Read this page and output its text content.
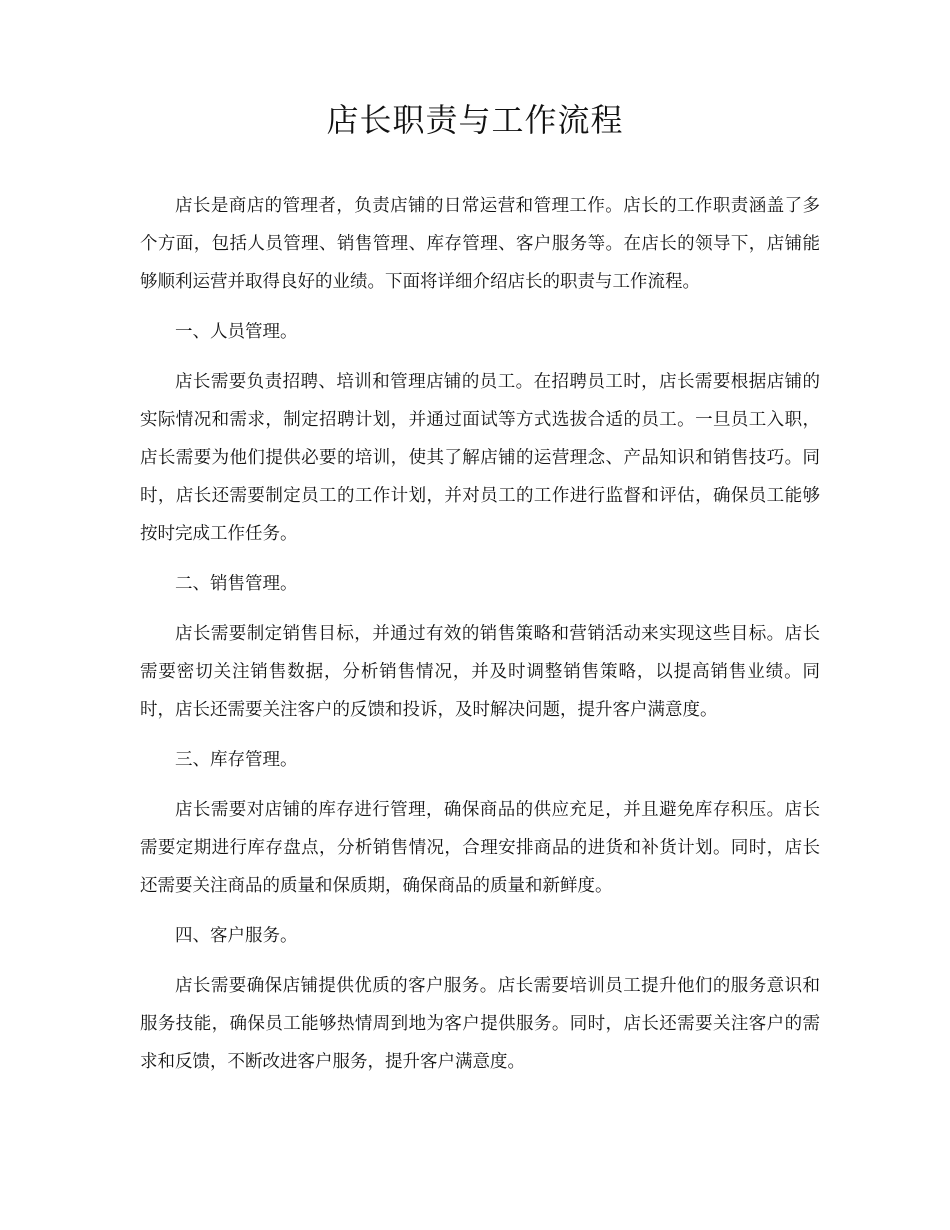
店长职责与工作流程

店长是商店的管理者，负责店铺的日常运营和管理工作。店长的工作职责涵盖了多个方面，包括人员管理、销售管理、库存管理、客户服务等。在店长的领导下，店铺能够顺利运营并取得良好的业绩。下面将详细介绍店长的职责与工作流程。

一、人员管理。

店长需要负责招聘、培训和管理店铺的员工。在招聘员工时，店长需要根据店铺的实际情况和需求，制定招聘计划，并通过面试等方式选拔合适的员工。一旦员工入职，店长需要为他们提供必要的培训，使其了解店铺的运营理念、产品知识和销售技巧。同时，店长还需要制定员工的工作计划，并对员工的工作进行监督和评估，确保员工能够按时完成工作任务。

二、销售管理。

店长需要制定销售目标，并通过有效的销售策略和营销活动来实现这些目标。店长需要密切关注销售数据，分析销售情况，并及时调整销售策略，以提高销售业绩。同时，店长还需要关注客户的反馈和投诉，及时解决问题，提升客户满意度。

三、库存管理。

店长需要对店铺的库存进行管理，确保商品的供应充足，并且避免库存积压。店长需要定期进行库存盘点，分析销售情况，合理安排商品的进货和补货计划。同时，店长还需要关注商品的质量和保质期，确保商品的质量和新鲜度。

四、客户服务。

店长需要确保店铺提供优质的客户服务。店长需要培训员工提升他们的服务意识和服务技能，确保员工能够热情周到地为客户提供服务。同时，店长还需要关注客户的需求和反馈，不断改进客户服务，提升客户满意度。
